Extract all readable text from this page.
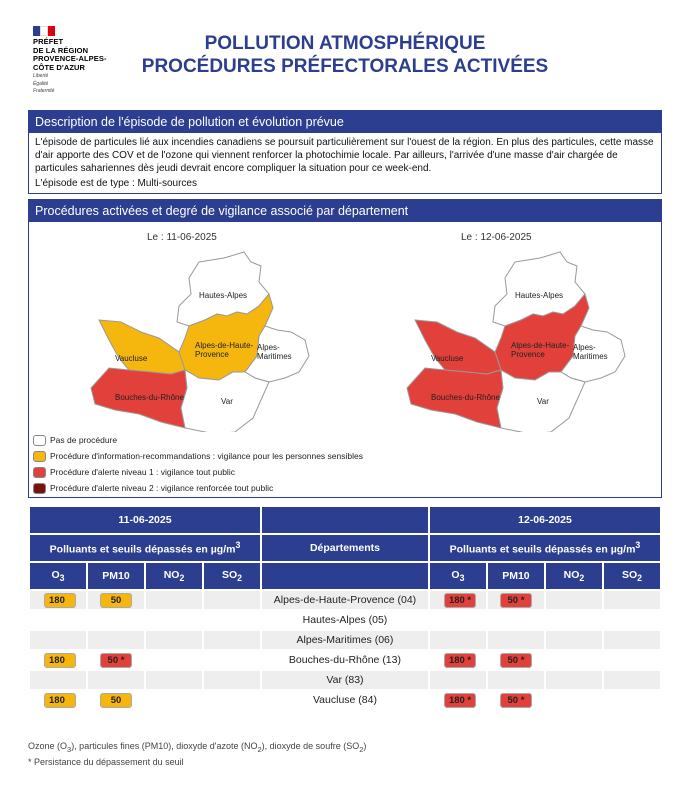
PRÉFET
DE LA RÉGION
PROVENCE-ALPES-
CÔTE D'AZUR
Liberté
Égalité
Fraternité
POLLUTION ATMOSPHÉRIQUE
PROCÉDURES PRÉFECTORALES ACTIVÉES
Description de l'épisode de pollution et évolution prévue
L'épisode de particules lié aux incendies canadiens se poursuit particulièrement sur l'ouest de la région. En plus des particules, cette masse d'air apporte des COV et de l'ozone qui viennent renforcer la photochimie locale. Par ailleurs, l'arrivée d'une masse d'air chargée de particules sahariennes dès jeudi devrait encore compliquer la situation pour ce week-end.
L'épisode est de type : Multi-sources
Procédures activées et degré de vigilance associé par département
Le : 11-06-2025	Le : 12-06-2025
Hautes-Alpes
Alpes-de-Haute-
Provence
Alpes-
Maritimes
Vaucluse
Bouches-du-Rhône	Var
Hautes-Alpes
Alpes-de-Haute-
Provence
Alpes-
Maritimes
Vaucluse
Bouches-du-Rhône	Var
Pas de procédure
Procédure d'information-recommandations : vigilance pour les personnes sensibles
Procédure d'alerte niveau 1 : vigilance tout public
Procédure d'alerte niveau 2 : vigilance renforcée tout public
11-06-2025					12-06-2025			
Polluants et seuils dépassés en $\mu g/m^3$				Départements	Polluants et seuils dépassés en $\mu g/m^3$
$O_3$	PM10	$NO_2$	$SO_2$		$O_3$	PM10	$NO_2$	$SO_2$
180	50			Alpes-de-Haute-Provence (04)	180 *	50 *		
				Hautes-Alpes (05)				
				Alpes-Maritimes (06)				
180	50 *			Bouches-du-Rhône (13)	180 *	50 *		
				Var (83)				
180	50			Vaucluse (84)	180 *	50 *		
Ozone $(O_3)$, particules fines (PM10), dioxyde d'azote $(NO_2)$, dioxyde de soufre $(SO_2)$
* Persistance du dépassement du seuil
